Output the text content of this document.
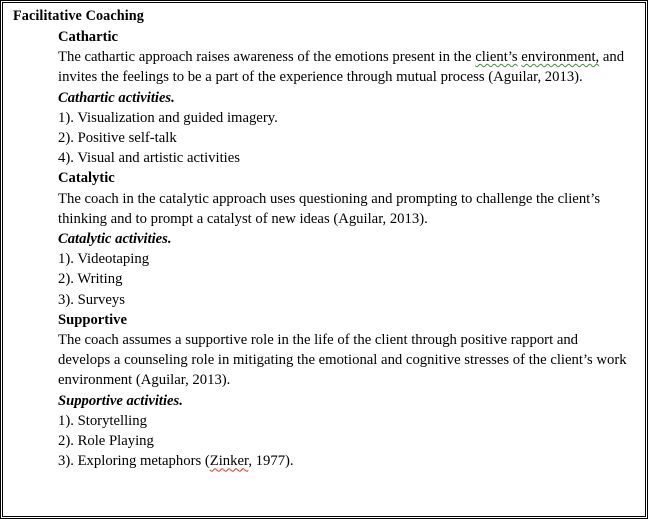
Facilitative Coaching

Cathartic

The cathartic approach raises awareness of the emotions present in the client’s environment, and invites the feelings to be a part of the experience through mutual process (Aguilar, 2013).

Cathartic activities.

1). Visualization and guided imagery.
2). Positive self-talk
4). Visual and artistic activities

Catalytic

The coach in the catalytic approach uses questioning and prompting to challenge the client’s thinking and to prompt a catalyst of new ideas (Aguilar, 2013).

Catalytic activities.

1). Videotaping
2). Writing
3). Surveys

Supportive

The coach assumes a supportive role in the life of the client through positive rapport and develops a counseling role in mitigating the emotional and cognitive stresses of the client’s work environment (Aguilar, 2013).

Supportive activities.

1). Storytelling
2). Role Playing
3). Exploring metaphors (Zinker, 1977).
